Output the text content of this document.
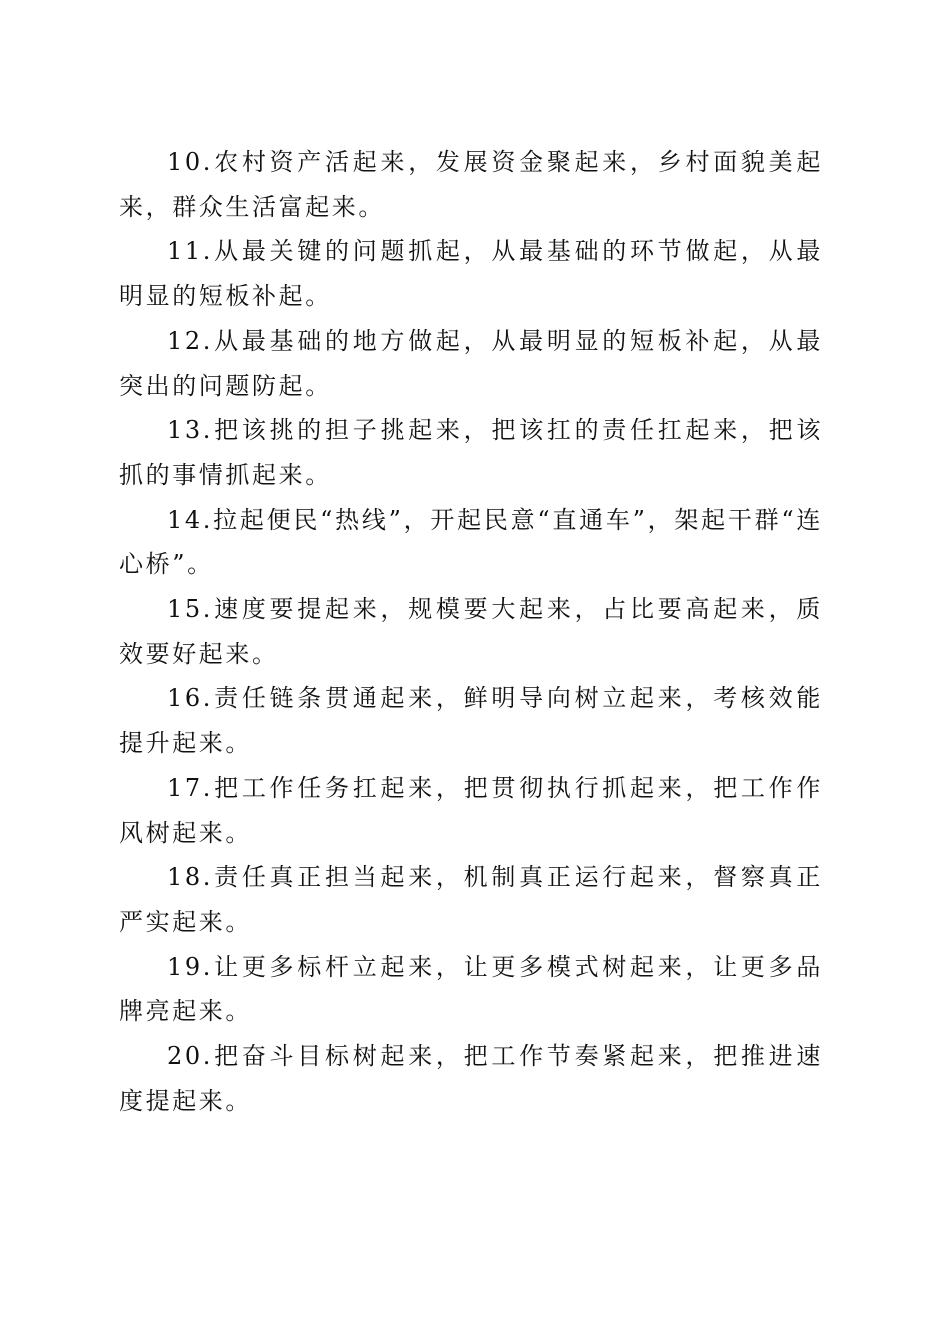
10.农村资产活起来，发展资金聚起来，乡村面貌美起来，群众生活富起来。

11.从最关键的问题抓起，从最基础的环节做起，从最明显的短板补起。

12.从最基础的地方做起，从最明显的短板补起，从最突出的问题防起。

13.把该挑的担子挑起来，把该扛的责任扛起来，把该抓的事情抓起来。

14.拉起便民“热线”，开起民意“直通车”，架起干群“连心桥”。

15.速度要提起来，规模要大起来，占比要高起来，质效要好起来。

16.责任链条贯通起来，鲜明导向树立起来，考核效能提升起来。

17.把工作任务扛起来，把贯彻执行抓起来，把工作作风树起来。

18.责任真正担当起来，机制真正运行起来，督察真正严实起来。

19.让更多标杆立起来，让更多模式树起来，让更多品牌亮起来。

20.把奋斗目标树起来，把工作节奏紧起来，把推进速度提起来。
